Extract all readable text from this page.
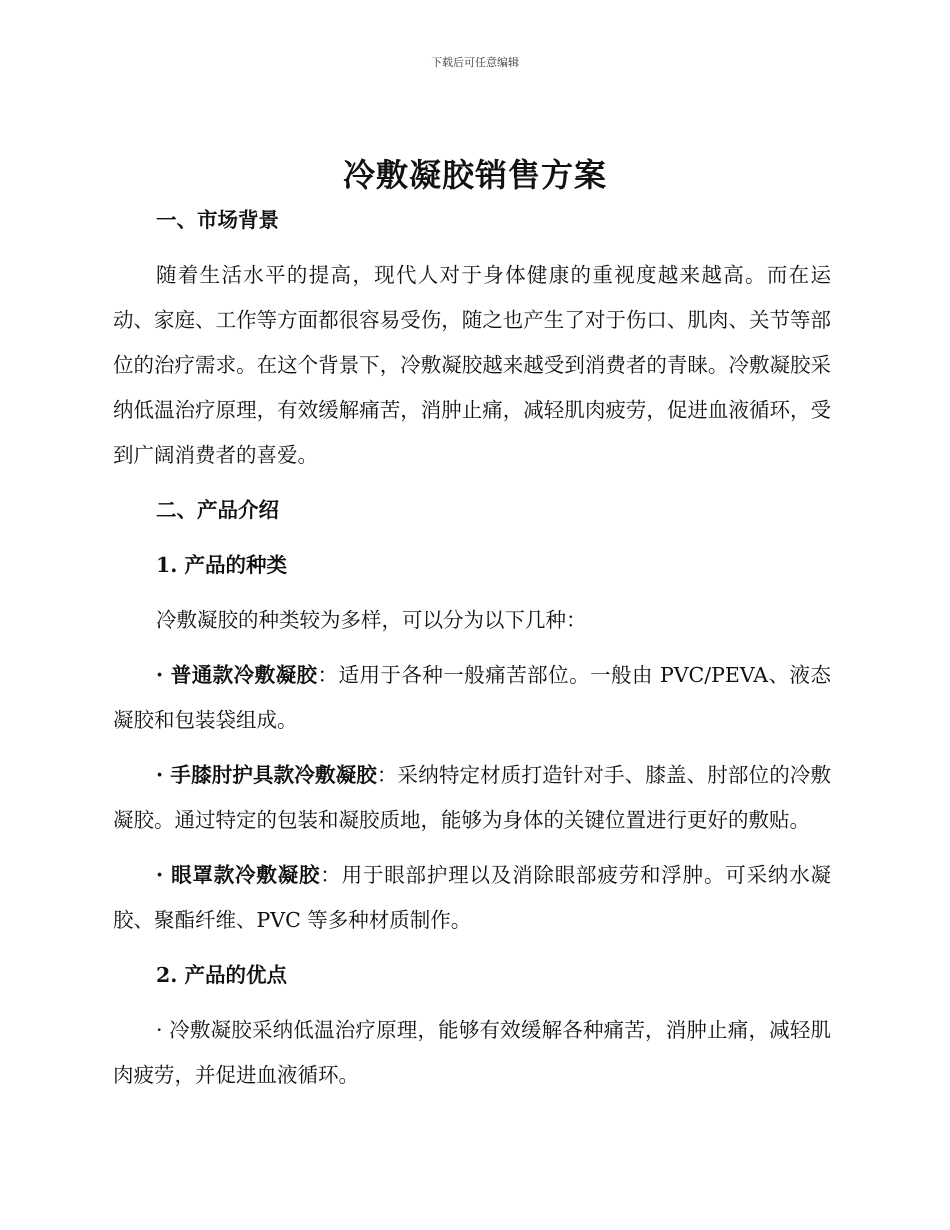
下载后可任意编辑
冷敷凝胶销售方案

一、市场背景

随着生活水平的提高，现代人对于身体健康的重视度越来越高。而在运动、家庭、工作等方面都很容易受伤，随之也产生了对于伤口、肌肉、关节等部位的治疗需求。在这个背景下，冷敷凝胶越来越受到消费者的青睐。冷敷凝胶采纳低温治疗原理，有效缓解痛苦，消肿止痛，减轻肌肉疲劳，促进血液循环，受到广阔消费者的喜爱。

二、产品介绍

1. 产品的种类

冷敷凝胶的种类较为多样，可以分为以下几种：

· 普通款冷敷凝胶：适用于各种一般痛苦部位。一般由 PVC/PEVA、液态凝胶和包装袋组成。

· 手膝肘护具款冷敷凝胶：采纳特定材质打造针对手、膝盖、肘部位的冷敷凝胶。通过特定的包装和凝胶质地，能够为身体的关键位置进行更好的敷贴。

· 眼罩款冷敷凝胶：用于眼部护理以及消除眼部疲劳和浮肿。可采纳水凝胶、聚酯纤维、PVC 等多种材质制作。

2. 产品的优点

· 冷敷凝胶采纳低温治疗原理，能够有效缓解各种痛苦，消肿止痛，减轻肌肉疲劳，并促进血液循环。
